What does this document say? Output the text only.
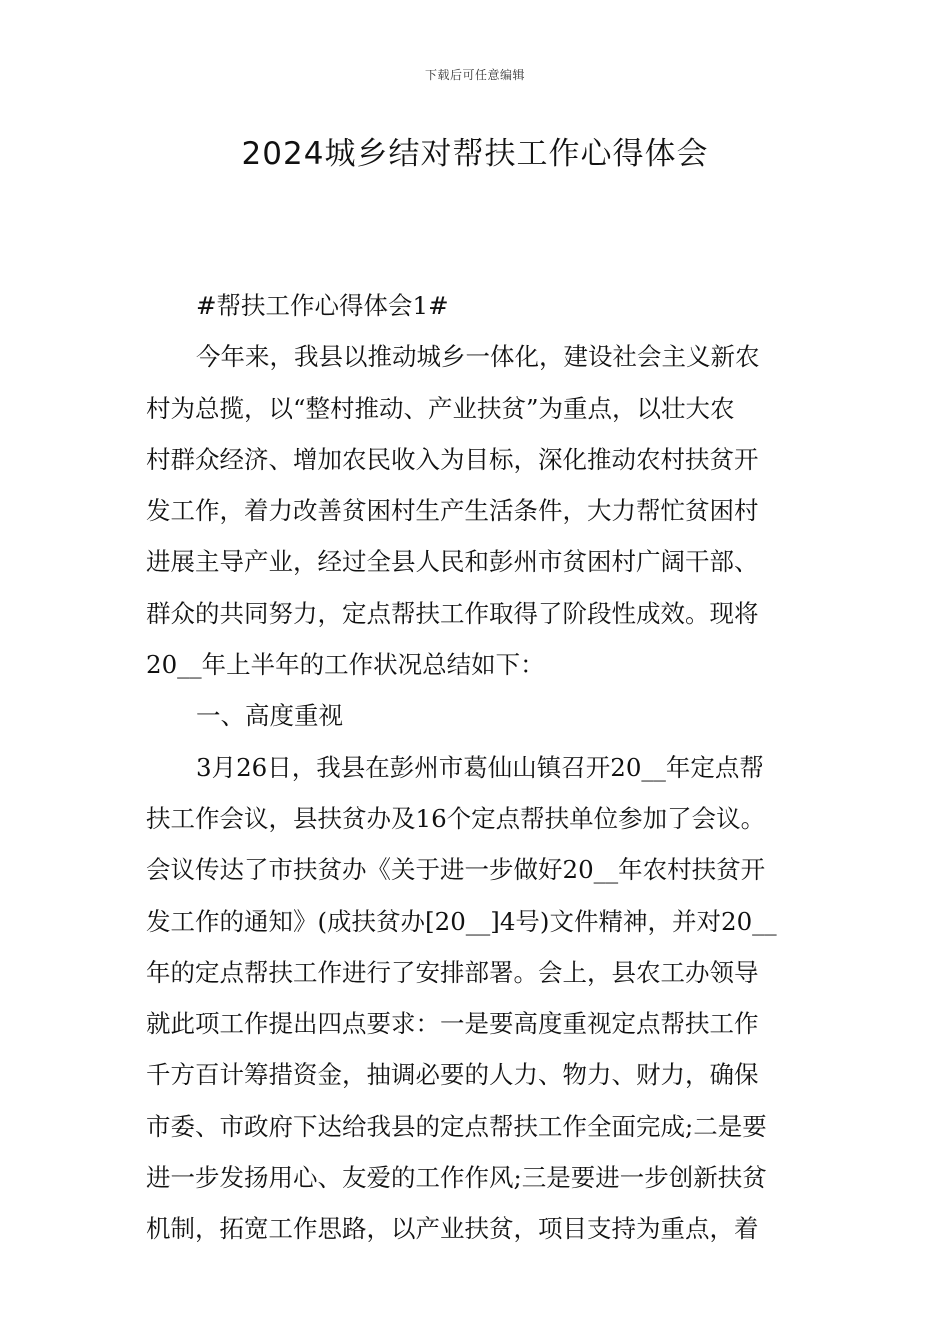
下载后可任意编辑
2024城乡结对帮扶工作心得体会
#帮扶工作心得体会1#
今年来，我县以推动城乡一体化，建设社会主义新农
村为总揽，以“整村推动、产业扶贫”为重点，以壮大农
村群众经济、增加农民收入为目标，深化推动农村扶贫开
发工作，着力改善贫困村生产生活条件，大力帮忙贫困村
进展主导产业，经过全县人民和彭州市贫困村广阔干部、
群众的共同努力，定点帮扶工作取得了阶段性成效。现将
20__年上半年的工作状况总结如下：
一、高度重视
3月26日，我县在彭州市葛仙山镇召开20__年定点帮
扶工作会议，县扶贫办及16个定点帮扶单位参加了会议。
会议传达了市扶贫办《关于进一步做好20__年农村扶贫开
发工作的通知》(成扶贫办[20__]4号)文件精神，并对20__
年的定点帮扶工作进行了安排部署。会上，县农工办领导
就此项工作提出四点要求：一是要高度重视定点帮扶工作
千方百计筹措资金，抽调必要的人力、物力、财力，确保
市委、市政府下达给我县的定点帮扶工作全面完成;二是要
进一步发扬用心、友爱的工作作风;三是要进一步创新扶贫
机制，拓宽工作思路，以产业扶贫，项目支持为重点，着
